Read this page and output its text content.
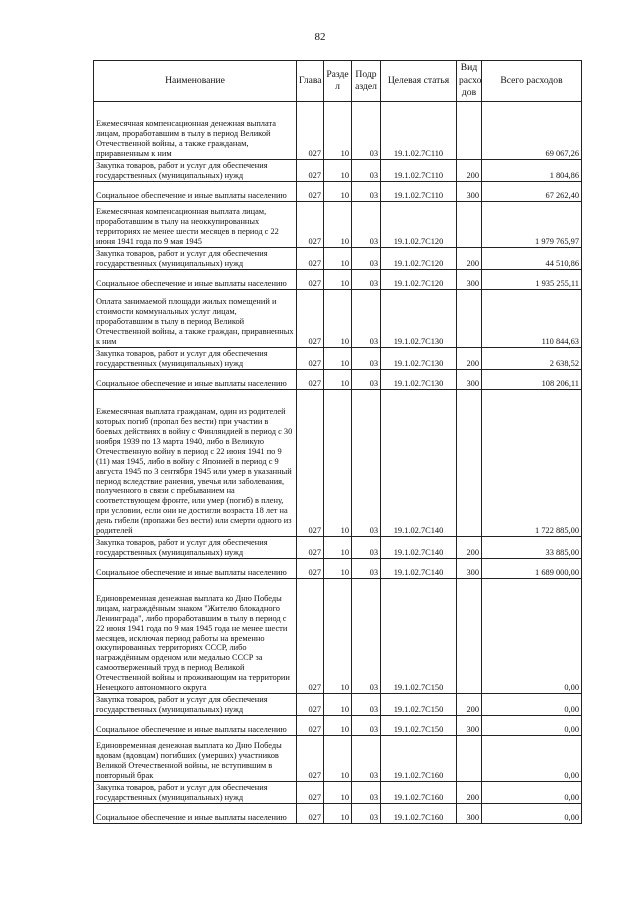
82
Наименование	Глава	Разде л	Подр аздел	Целевая статья	Вид расхо дов	Всего расходов
Ежемесячная компенсационная денежная выплата лицам, проработавшим в тылу в период Великой Отечественной войны, а также гражданам, приравненным к ним	027	10	03	19.1.02.7С110		69 067,26
Закупка товаров, работ и услуг для обеспечения государственных (муниципальных) нужд	027	10	03	19.1.02.7С110	200	1 804,86
Социальное обеспечение и иные выплаты населению	027	10	03	19.1.02.7С110	300	67 262,40
Ежемесячная компенсационная выплата лицам, проработавшим в тылу на неоккупированных территориях не менее шести месяцев в период с 22 июня 1941 года по 9 мая 1945	027	10	03	19.1.02.7С120		1 979 765,97
Закупка товаров, работ и услуг для обеспечения государственных (муниципальных) нужд	027	10	03	19.1.02.7С120	200	44 510,86
Социальное обеспечение и иные выплаты населению	027	10	03	19.1.02.7С120	300	1 935 255,11
Оплата занимаемой площади жилых помещений и стоимости коммунальных услуг лицам, проработавшим в тылу в период Великой Отечественной войны, а также граждан, приравненных к ним	027	10	03	19.1.02.7С130		110 844,63
Закупка товаров, работ и услуг для обеспечения государственных (муниципальных) нужд	027	10	03	19.1.02.7С130	200	2 638,52
Социальное обеспечение и иные выплаты населению	027	10	03	19.1.02.7С130	300	108 206,11
Ежемесячная выплата гражданам, один из родителей которых погиб (пропал без вести) при участии в боевых действиях в войну с Финляндией в период с 30 ноября 1939 по 13 марта 1940, либо в Великую Отечественную войну в период с 22 июня 1941 по 9 (11) мая 1945, либо в войну с Японией в период с 9 августа 1945 по 3 сентября 1945 или умер в указанный период вследствие ранения, увечья или заболевания, полученного в связи с пребыванием на соответствующем фронте, или умер (погиб) в плену, при условии, если они не достигли возраста 18 лет на день гибели (пропажи без вести) или смерти одного из родителей	027	10	03	19.1.02.7С140		1 722 885,00
Закупка товаров, работ и услуг для обеспечения государственных (муниципальных) нужд	027	10	03	19.1.02.7С140	200	33 885,00
Социальное обеспечение и иные выплаты населению	027	10	03	19.1.02.7С140	300	1 689 000,00
Единовременная денежная выплата ко Дню Победы лицам, награждённым знаком "Жителю блокадного Ленинграда", либо проработавшим в тылу в период с 22 июня 1941 года по 9 мая 1945 года не менее шести месяцев, исключая период работы на временно оккупированных территориях СССР, либо награждённым орденом или медалью СССР за самоотверженный труд в период Великой Отечественной войны и проживающим на территории Ненецкого автономного округа	027	10	03	19.1.02.7С150		0,00
Закупка товаров, работ и услуг для обеспечения государственных (муниципальных) нужд	027	10	03	19.1.02.7С150	200	0,00
Социальное обеспечение и иные выплаты населению	027	10	03	19.1.02.7С150	300	0,00
Единовременная денежная выплата ко Дню Победы вдовам (вдовцам) погибших (умерших) участников Великой Отечественной войны, не вступившим в повторный брак	027	10	03	19.1.02.7С160		0,00
Закупка товаров, работ и услуг для обеспечения государственных (муниципальных) нужд	027	10	03	19.1.02.7С160	200	0,00
Социальное обеспечение и иные выплаты населению	027	10	03	19.1.02.7С160	300	0,00
